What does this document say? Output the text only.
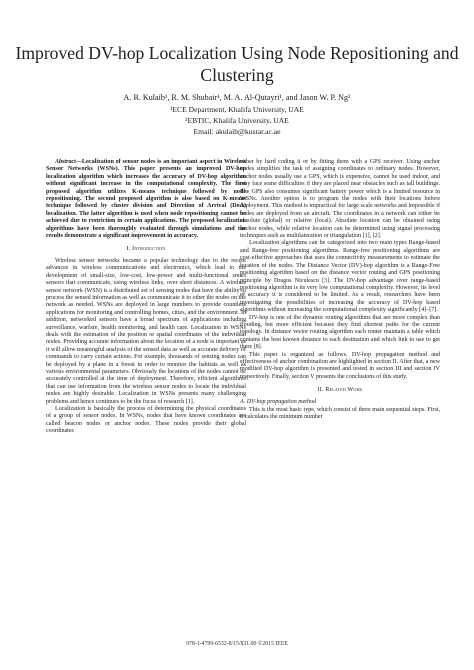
Improved DV-hop Localization Using Node Repositioning and Clustering
A. R. Kulaib¹, R. M. Shubair¹, M. A. Al-Qutayri¹, and Jason W. P. Ng²
¹ECE Department, Khalifa University, UAE
²EBTIC, Khalifa University, UAE
Email: akulaib@kustar.ac.ae

Abstract—Localization of sensor nodes is an important aspect in Wireless Sensor Networks (WSNs). This paper presents an improved DV-hop localization algorithm which increases the accuracy of DV-hop algorithm without significant increase in the computational complexity. The first proposed algorithm utilizes K-means technique followed by node repositioning. The second proposed algorithm is also based on K-means technique followed by cluster division and Direction of Arrival (DoA) localization. The latter algorithm is used when node repositioning cannot be achieved due to restriction in certain applications. The proposed localization algorithms have been thoroughly evaluated through simulations and the results demonstrate a significant improvement in accuracy.

I. Introduction

Wireless sensor networks became a popular technology due to the recent advances in wireless communications and electronics, which lead to the development of small-size, low-cost, low-power and multi-functional smart sensors that communicate, using wireless links, over short distances. A wireless sensor network (WSN) is a distributed set of sensing nodes that have the ability to process the sensed information as well as communicate it to other the nodes on the network as needed. WSNs are deployed in large numbers to provide countless applications for monitoring and controlling homes, cities, and the environment. In addition, networked sensors have a broad spectrum of applications including surveillance, warfare, health monitoring, and health care. Localization in WSNs deals with the estimation of the position or spatial coordinates of the individual nodes. Providing accurate information about the location of a node is important as it will allow meaningful analysis of the sensed data as well as accurate delivery of commands to carry certain actions. For example, thousands of sensing nodes can be deployed by a plane in a forest in order to monitor the habitats as well as various environmental parameters. Obviously the locations of the nodes cannot be accurately controlled at the time of deployment. Therefore, efficient algorithms that can use information from the wireless sensor nodes to locate the individual nodes are highly desirable. Localization in WSNs presents many challenging problems and hence continues to be the focus of research [1].

Localization is basically the process of determining the physical coordinates of a group of sensor nodes. In WSNs, nodes that have known coordinates are called beacon nodes or anchor nodes. These nodes provide their global coordinates

either by hard coding it or by fitting them with a GPS receiver. Using anchor nodes simplifies the task of assigning coordinates to ordinary nodes. However, anchor nodes usually use a GPS, which is expensive, cannot be used indoor, and may face some difficulties if they are placed near obstacles such as tall buildings. The GPS also consumes significant battery power which is a limited resource in WSNs. Another option is to program the nodes with their locations before deployment. This method is impractical for large scale networks and impossible if nodes are deployed from an aircraft. The coordinates in a network can either be absolute (global) or relative (local). Absolute location can be obtained using anchor nodes, while relative location can be determined using signal processing techniques such as multilateration or triangulation [1], [2].

Localization algorithms can be categorized into two main types Range-based and Range-free positioning algorithms. Range-free positioning algorithms are cost-effective approaches that uses the connectivity measurements to estimate the location of the nodes. The Distance Vector (DV)-hop algorithm is a Range-Free positioning algorithm based on the distance vector routing and GPS positioning principle by Dragos Niculescu [3]. The DV-hop advantage over range-based positioning algorithm is its very low computational complexity. However, its level of accuracy it is considered to be limited. As a result, researchers have been investigating the possibilities of increasing the accuracy of DV-hop based algorithms without increasing the computational complexity significantly [4]–[7].

DV-hop is one of the dynamic routing algorithms that are more complex than flooding, but more efficient because they find shortest paths for the current topology. In distance vector routing algorithm each router maintain a table which contains the best known distance to each destination and which link to use to get there [8].

This paper is organized as follows. DV-hop propagation method and effectiveness of anchor combination are highlighted in section II. After that, a new modified DV-hop algorithm is presented and tested in section III and section IV respectively. Finally, section V presents the conclusions of this study.

II. Related Work
A. DV-hop propagation method

This is the most basic type, which consist of three main sequential steps. First, it calculates the minimum number

978-1-4799-6532-8/15/$31.00 ©2015 IEEE
